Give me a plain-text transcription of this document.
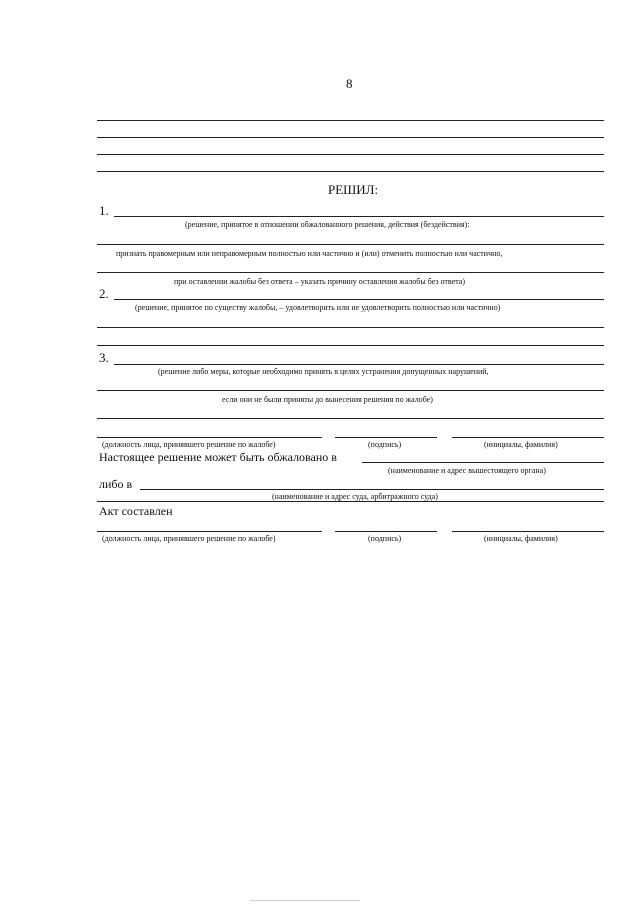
8
РЕШИЛ:
1.
(решение, принятое в отношении обжалованного решения, действия (бездействия):
признать правомерным или неправомерным полностью или частично и (или) отменить полностью или частично,
при оставлении жалобы без ответа – указать причину оставления жалобы без ответа)
2.
(решение, принятое по существу жалобы, – удовлетворить или не удовлетворить полностью или частично)
3.
(решение либо меры, которые необходимо принять в целях устранения допущенных нарушений,
если они не были приняты до вынесения решения по жалобе)
(должность лица, принявшего решение по жалобе)	(подпись)	(инициалы, фамилия)
Настоящее решение может быть обжаловано в
(наименование и адрес вышестоящего органа)
либо в
(наименование и адрес суда, арбитражного суда)
Акт составлен
(должность лица, принявшего решение по жалобе)	(подпись)	(инициалы, фамилия)
